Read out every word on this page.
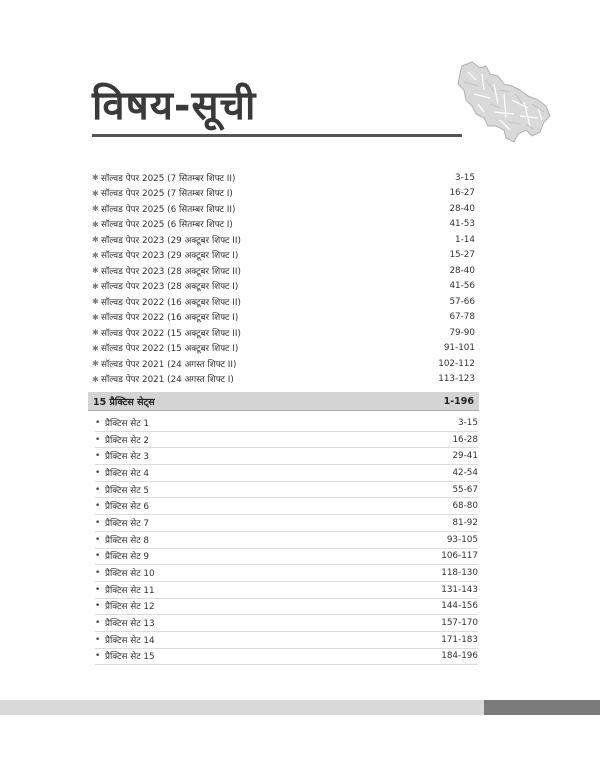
विषय-सूची
✱ सॉल्वड पेपर 2025 (7 सितम्बर शिफ्ट II)	3-15
✱ सॉल्वड पेपर 2025 (7 सितम्बर शिफ्ट I)	16-27
✱ सॉल्वड पेपर 2025 (6 सितम्बर शिफ्ट II)	28-40
✱ सॉल्वड पेपर 2025 (6 सितम्बर शिफ्ट I)	41-53
✱ सॉल्वड पेपर 2023 (29 अक्टूबर शिफ्ट II)	1-14
✱ सॉल्वड पेपर 2023 (29 अक्टूबर शिफ्ट I)	15-27
✱ सॉल्वड पेपर 2023 (28 अक्टूबर शिफ्ट II)	28-40
✱ सॉल्वड पेपर 2023 (28 अक्टूबर शिफ्ट I)	41-56
✱ सॉल्वड पेपर 2022 (16 अक्टूबर शिफ्ट II)	57-66
✱ सॉल्वड पेपर 2022 (16 अक्टूबर शिफ्ट I)	67-78
✱ सॉल्वड पेपर 2022 (15 अक्टूबर शिफ्ट II)	79-90
✱ सॉल्वड पेपर 2022 (15 अक्टूबर शिफ्ट I)	91-101
✱ सॉल्वड पेपर 2021 (24 अगस्त शिफ्ट II)	102-112
✱ सॉल्वड पेपर 2021 (24 अगस्त शिफ्ट I)	113-123
15 प्रैक्टिस सेट्स	1-196
• प्रैक्टिस सेट 1	3-15
• प्रैक्टिस सेट 2	16-28
• प्रैक्टिस सेट 3	29-41
• प्रैक्टिस सेट 4	42-54
• प्रैक्टिस सेट 5	55-67
• प्रैक्टिस सेट 6	68-80
• प्रैक्टिस सेट 7	81-92
• प्रैक्टिस सेट 8	93-105
• प्रैक्टिस सेट 9	106-117
• प्रैक्टिस सेट 10	118-130
• प्रैक्टिस सेट 11	131-143
• प्रैक्टिस सेट 12	144-156
• प्रैक्टिस सेट 13	157-170
• प्रैक्टिस सेट 14	171-183
• प्रैक्टिस सेट 15	184-196
